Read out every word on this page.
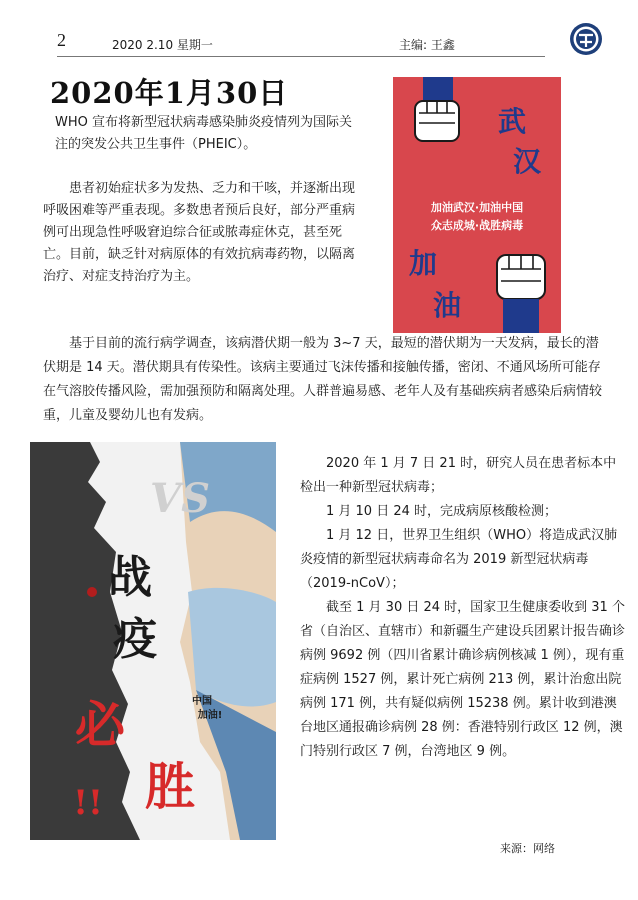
2	2020 2.10 星期一	主编: 王鑫
2020年1月30日

WHO 宣布将新型冠状病毒感染肺炎疫情列为国际关注的突发公共卫生事件（PHEIC）。

患者初始症状多为发热、乏力和干咳，并逐渐出现呼吸困难等严重表现。多数患者预后良好，部分严重病例可出现急性呼吸窘迫综合征或脓毒症休克，甚至死亡。目前，缺乏针对病原体的有效抗病毒药物，以隔离治疗、对症支持治疗为主。

基于目前的流行病学调查，该病潜伏期一般为 3~7 天，最短的潜伏期为一天发病，最长的潜伏期是 14 天。潜伏期具有传染性。该病主要通过飞沫传播和接触传播，密闭、不通风场所可能存在气溶胶传播风险，需加强预防和隔离处理。人群普遍易感、老年人及有基础疾病者感染后病情较重，儿童及婴幼儿也有发病。

2020 年 1 月 7 日 21 时，研究人员在患者标本中检出一种新型冠状病毒；
1 月 10 日 24 时，完成病原核酸检测；
1 月 12 日，世界卫生组织（WHO）将造成武汉肺炎疫情的新型冠状病毒命名为 2019 新型冠状病毒（2019-nCoV）；
截至 1 月 30 日 24 时，国家卫生健康委收到 31 个省（自治区、直辖市）和新疆生产建设兵团累计报告确诊病例 9692 例（四川省累计确诊病例核减 1 例），现有重症病例 1527 例，累计死亡病例 213 例，累计治愈出院病例 171 例，共有疑似病例 15238 例。累计收到港澳台地区通报确诊病例 28 例：香港特别行政区 12 例，澳门特别行政区 7 例，台湾地区 9 例。
武
汉
加油武汉·加油中国
众志成城·战胜病毒
加
油
VS
战
疫
必
胜
!!
中国
加油!
来源：网络
